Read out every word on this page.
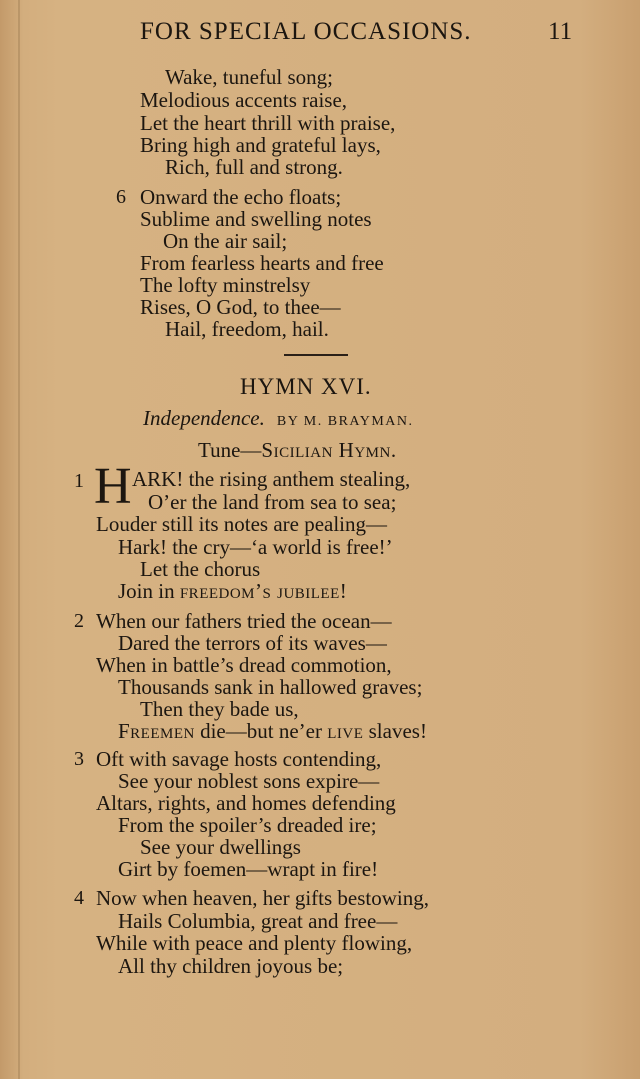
FOR SPECIAL OCCASIONS.	11
Wake, tuneful song;
Melodious accents raise,
Let the heart thrill with praise,
Bring high and grateful lays,
Rich, full and strong.
6 Onward the echo floats;
Sublime and swelling notes
On the air sail;
From fearless hearts and free
The lofty minstrelsy
Rises, O God, to thee—
Hail, freedom, hail.
HYMN XVI.
Independence. BY M. BRAYMAN.
Tune—Sicilian Hymn.
1 H ARK! the rising anthem stealing,
O’er the land from sea to sea;
Louder still its notes are pealing—
Hark! the cry—‘a world is free!’
Let the chorus
Join in freedom’s jubilee!
2 When our fathers tried the ocean—
Dared the terrors of its waves—
When in battle’s dread commotion,
Thousands sank in hallowed graves;
Then they bade us,
Freemen die—but ne’er live slaves!
3 Oft with savage hosts contending,
See your noblest sons expire—
Altars, rights, and homes defending
From the spoiler’s dreaded ire;
See your dwellings
Girt by foemen—wrapt in fire!
4 Now when heaven, her gifts bestowing,
Hails Columbia, great and free—
While with peace and plenty flowing,
All thy children joyous be;
